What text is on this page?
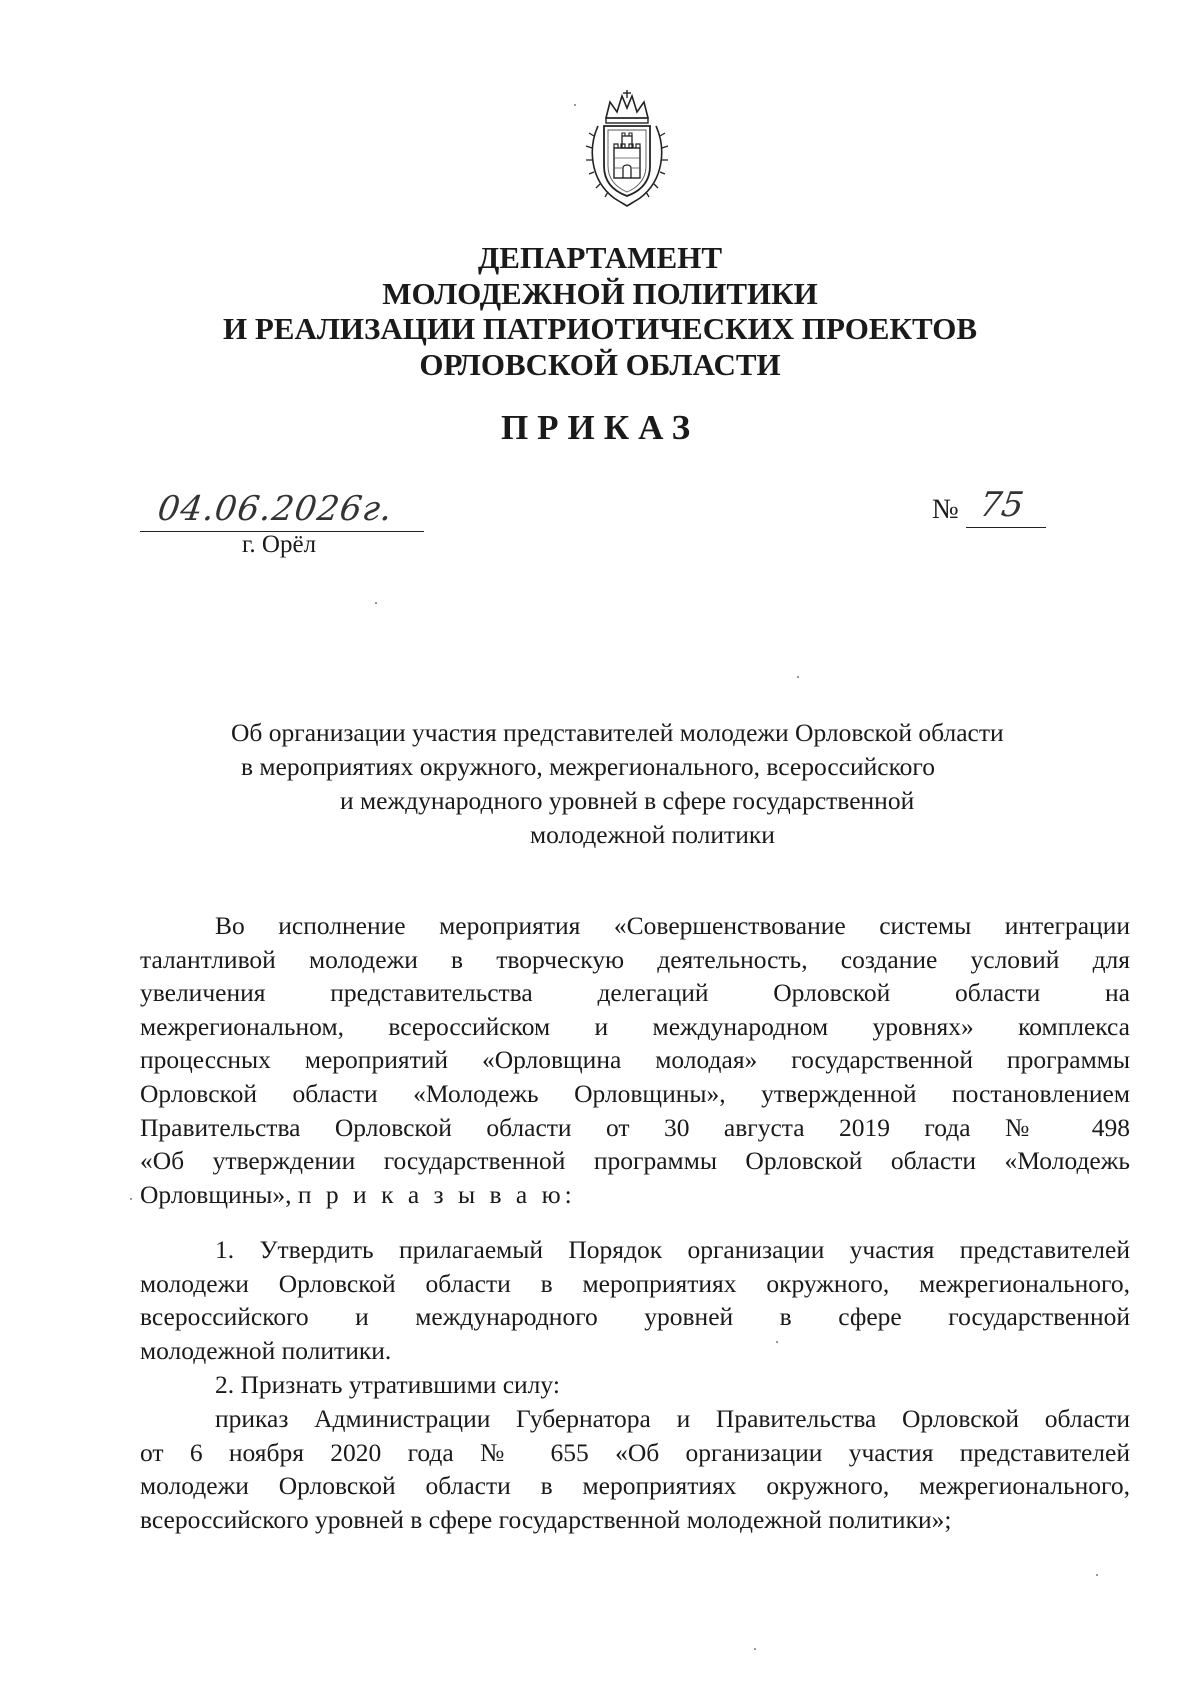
ДЕПАРТАМЕНТ
МОЛОДЕЖНОЙ ПОЛИТИКИ
И РЕАЛИЗАЦИИ ПАТРИОТИЧЕСКИХ ПРОЕКТОВ
ОРЛОВСКОЙ ОБЛАСТИ
ПРИКАЗ
04.06.2026г.
г. Орёл
№ 75
Об организации участия представителей молодежи Орловской области
в мероприятиях окружного, межрегионального, всероссийского
и международного уровней в сфере государственной
молодежной политики
Во исполнение мероприятия «Совершенствование системы интеграции
талантливой молодежи в творческую деятельность, создание условий для
увеличения представительства делегаций Орловской области на
межрегиональном, всероссийском и международном уровнях» комплекса
процессных мероприятий «Орловщина молодая» государственной программы
Орловской области «Молодежь Орловщины», утвержденной постановлением
Правительства Орловской области от 30 августа 2019 года № 498
«Об утверждении государственной программы Орловской области «Молодежь
Орловщины», п р и к а з ы в а ю:
1. Утвердить прилагаемый Порядок организации участия представителей
молодежи Орловской области в мероприятиях окружного, межрегионального,
всероссийского и международного уровней в сфере государственной
молодежной политики.
2. Признать утратившими силу:
приказ Администрации Губернатора и Правительства Орловской области
от 6 ноября 2020 года № 655 «Об организации участия представителей
молодежи Орловской области в мероприятиях окружного, межрегионального,
всероссийского уровней в сфере государственной молодежной политики»;
